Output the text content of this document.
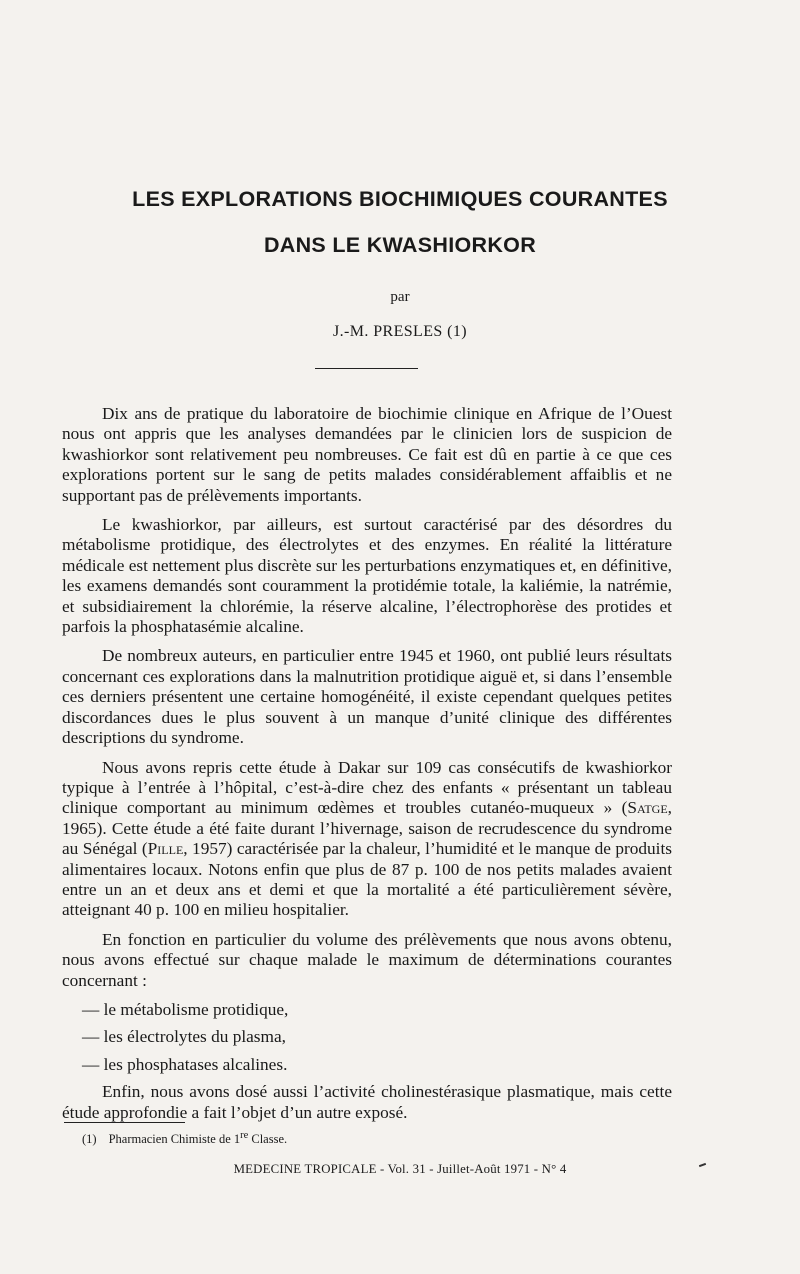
LES EXPLORATIONS BIOCHIMIQUES COURANTES
DANS LE KWASHIORKOR
par
J.-M. PRESLES (1)

Dix ans de pratique du laboratoire de biochimie clinique en Afrique de l’Ouest nous ont appris que les analyses demandées par le clinicien lors de suspicion de kwashiorkor sont relativement peu nombreuses. Ce fait est dû en partie à ce que ces explorations portent sur le sang de petits malades considérablement affaiblis et ne supportant pas de prélèvements importants.

Le kwashiorkor, par ailleurs, est surtout caractérisé par des désordres du métabolisme protidique, des électrolytes et des enzymes. En réalité la littérature médicale est nettement plus discrète sur les perturbations enzymatiques et, en définitive, les examens demandés sont couramment la protidémie totale, la kaliémie, la natrémie, et subsidiairement la chlorémie, la réserve alcaline, l’électrophorèse des protides et parfois la phosphatasémie alcaline.

De nombreux auteurs, en particulier entre 1945 et 1960, ont publié leurs résultats concernant ces explorations dans la malnutrition protidique aiguë et, si dans l’ensemble ces derniers présentent une certaine homogénéité, il existe cependant quelques petites discordances dues le plus souvent à un manque d’unité clinique des différentes descriptions du syndrome.

Nous avons repris cette étude à Dakar sur 109 cas consécutifs de kwashiorkor typique à l’entrée à l’hôpital, c’est-à-dire chez des enfants « présentant un tableau clinique comportant au minimum œdèmes et troubles cutanéo-muqueux » (Satge, 1965). Cette étude a été faite durant l’hivernage, saison de recrudescence du syndrome au Sénégal (Pille, 1957) caractérisée par la chaleur, l’humidité et le manque de produits alimentaires locaux. Notons enfin que plus de 87 p. 100 de nos petits malades avaient entre un an et deux ans et demi et que la mortalité a été particulièrement sévère, atteignant 40 p. 100 en milieu hospitalier.

En fonction en particulier du volume des prélèvements que nous avons obtenu, nous avons effectué sur chaque malade le maximum de déterminations courantes concernant :

— le métabolisme protidique,

— les électrolytes du plasma,

— les phosphatases alcalines.

Enfin, nous avons dosé aussi l’activité cholinestérasique plasmatique, mais cette étude approfondie a fait l’objet d’un autre exposé.

(1) Pharmacien Chimiste de 1re Classe.
MEDECINE TROPICALE - Vol. 31 - Juillet-Août 1971 - N° 4
